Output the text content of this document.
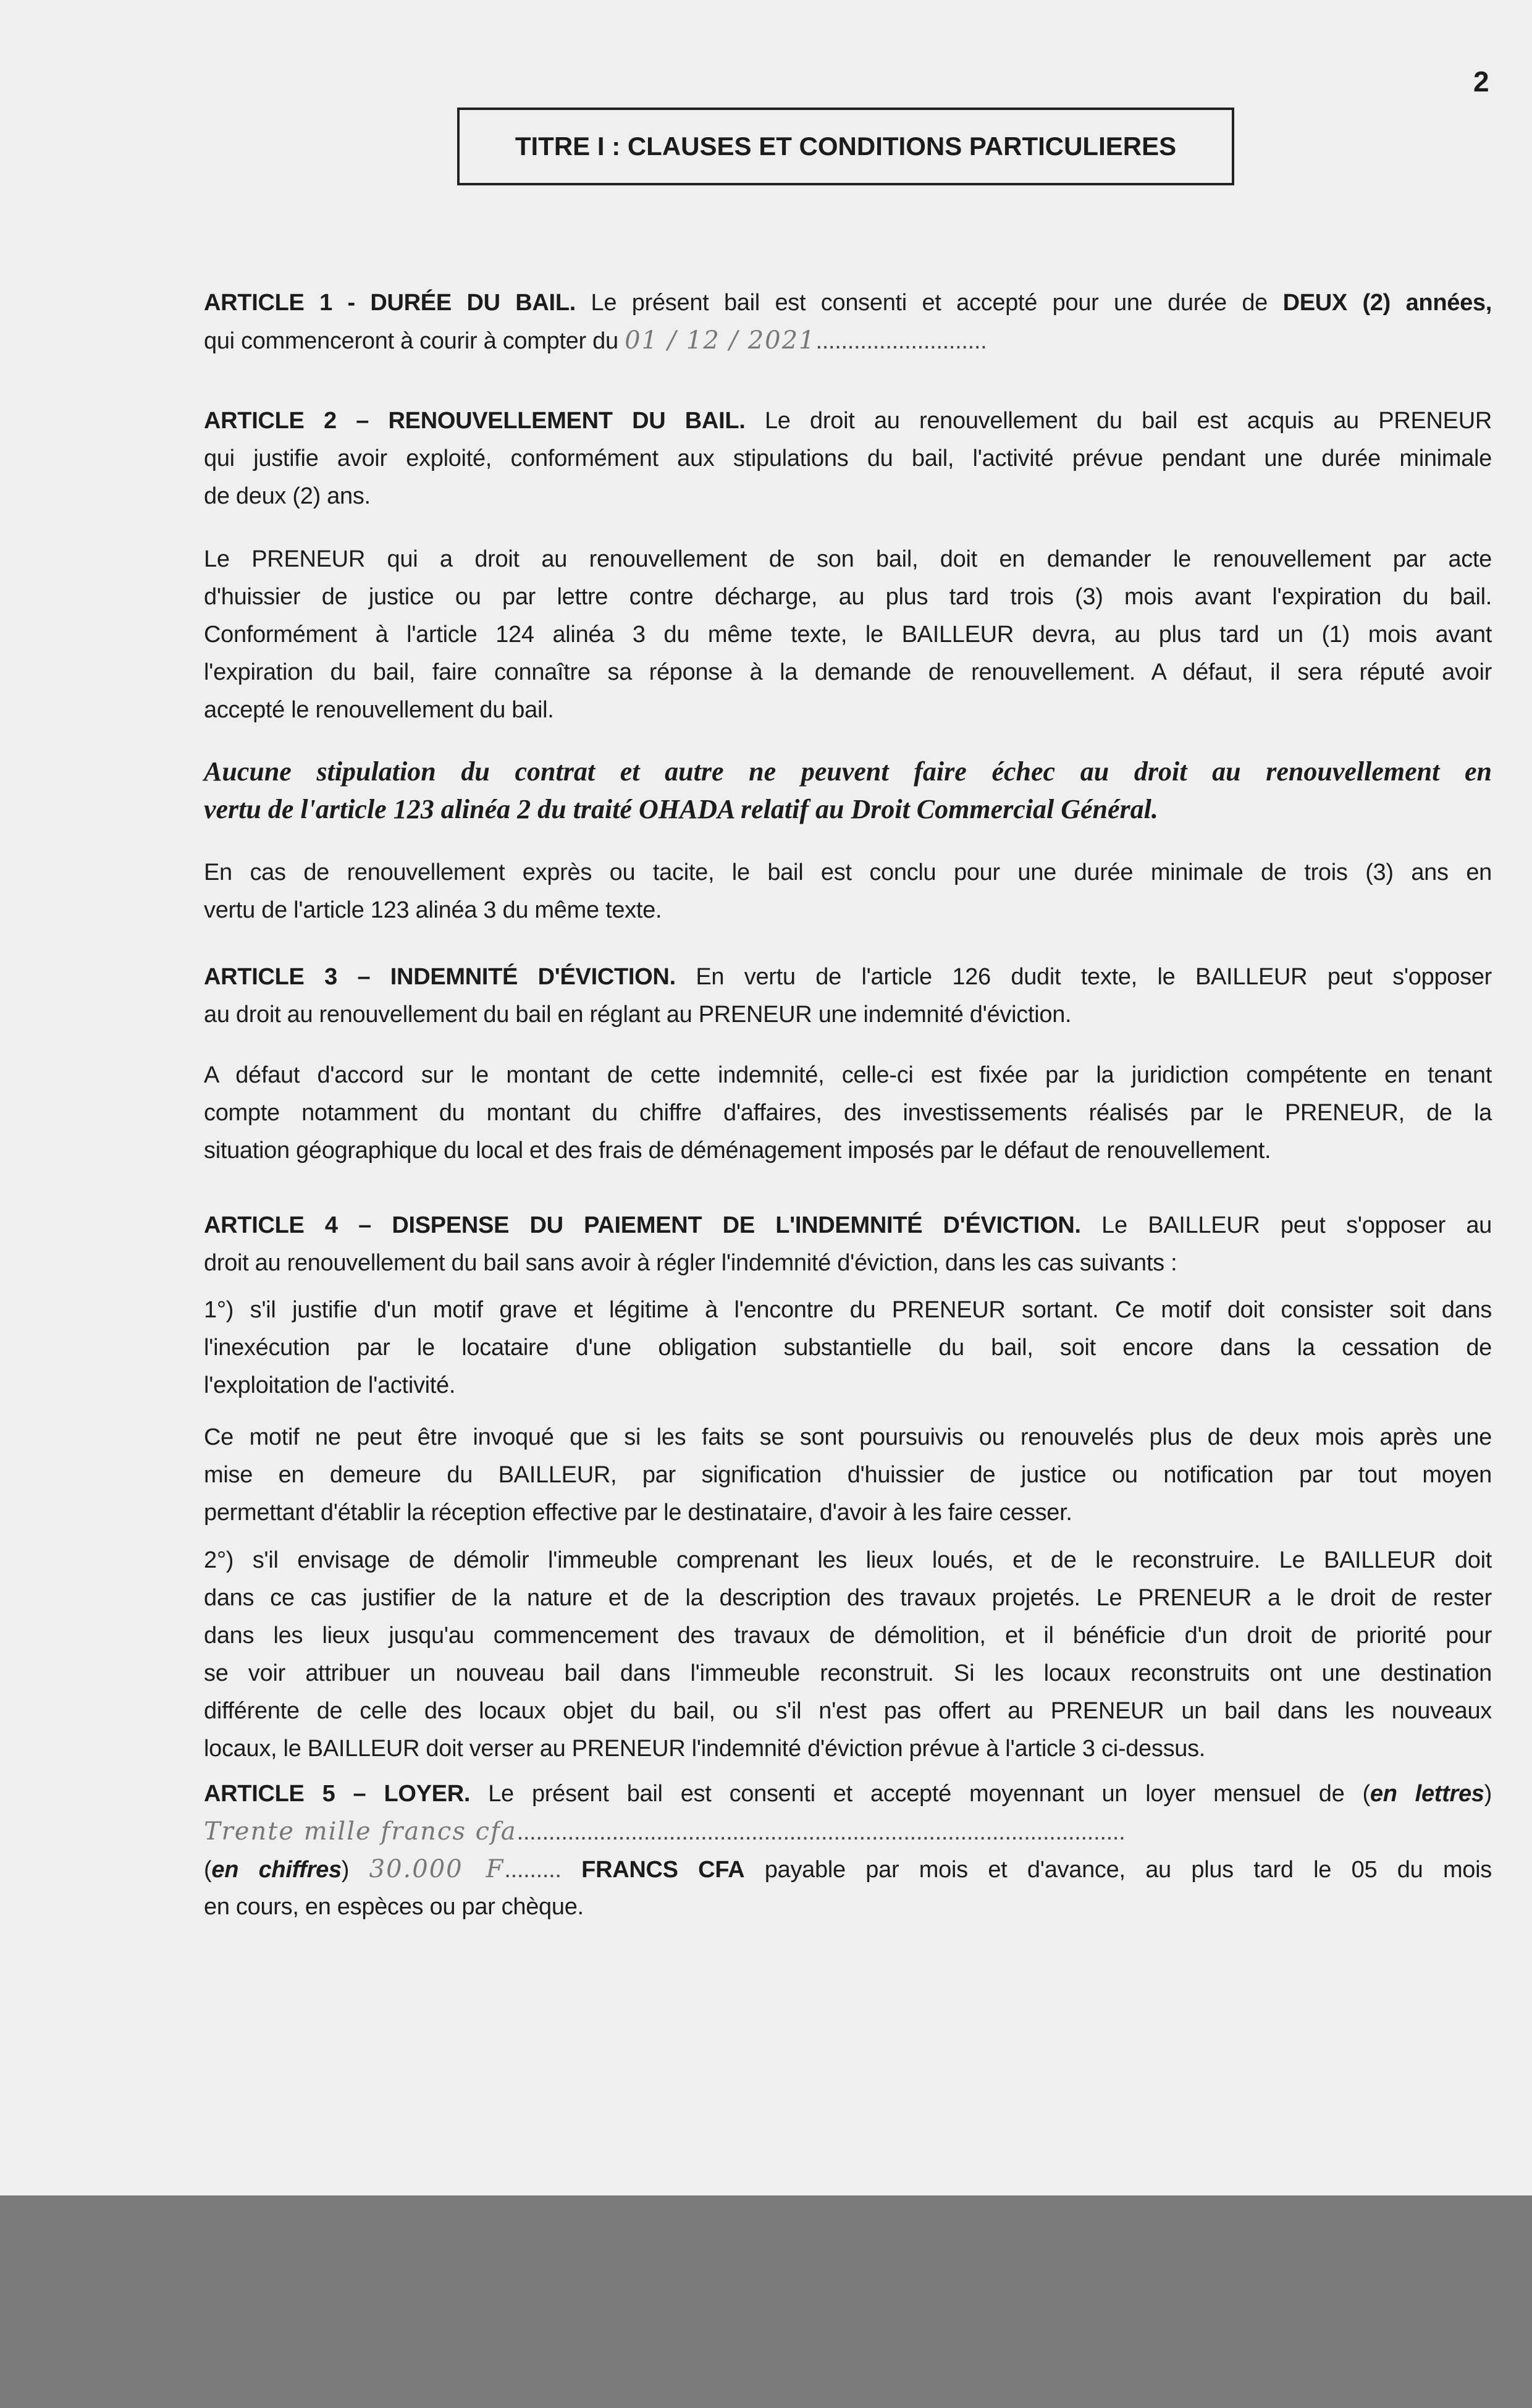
2
TITRE I : CLAUSES ET CONDITIONS PARTICULIERES
ARTICLE 1 - DURÉE DU BAIL. Le présent bail est consenti et accepté pour une durée de DEUX (2) années,
qui commenceront à courir à compter du 01 / 12 / 2021...........................
ARTICLE 2 – RENOUVELLEMENT DU BAIL. Le droit au renouvellement du bail est acquis au PRENEUR
qui justifie avoir exploité, conformément aux stipulations du bail, l'activité prévue pendant une durée minimale
de deux (2) ans.
Le PRENEUR qui a droit au renouvellement de son bail, doit en demander le renouvellement par acte
d'huissier de justice ou par lettre contre décharge, au plus tard trois (3) mois avant l'expiration du bail.
Conformément à l'article 124 alinéa 3 du même texte, le BAILLEUR devra, au plus tard un (1) mois avant
l'expiration du bail, faire connaître sa réponse à la demande de renouvellement. A défaut, il sera réputé avoir
accepté le renouvellement du bail.
Aucune stipulation du contrat et autre ne peuvent faire échec au droit au renouvellement en
vertu de l'article 123 alinéa 2 du traité OHADA relatif au Droit Commercial Général.
En cas de renouvellement exprès ou tacite, le bail est conclu pour une durée minimale de trois (3) ans en
vertu de l'article 123 alinéa 3 du même texte.
ARTICLE 3 – INDEMNITÉ D'ÉVICTION. En vertu de l'article 126 dudit texte, le BAILLEUR peut s'opposer
au droit au renouvellement du bail en réglant au PRENEUR une indemnité d'éviction.
A défaut d'accord sur le montant de cette indemnité, celle-ci est fixée par la juridiction compétente en tenant
compte notamment du montant du chiffre d'affaires, des investissements réalisés par le PRENEUR, de la
situation géographique du local et des frais de déménagement imposés par le défaut de renouvellement.
ARTICLE 4 – DISPENSE DU PAIEMENT DE L'INDEMNITÉ D'ÉVICTION. Le BAILLEUR peut s'opposer au
droit au renouvellement du bail sans avoir à régler l'indemnité d'éviction, dans les cas suivants :
1°) s'il justifie d'un motif grave et légitime à l'encontre du PRENEUR sortant. Ce motif doit consister soit dans
l'inexécution par le locataire d'une obligation substantielle du bail, soit encore dans la cessation de
l'exploitation de l'activité.
Ce motif ne peut être invoqué que si les faits se sont poursuivis ou renouvelés plus de deux mois après une
mise en demeure du BAILLEUR, par signification d'huissier de justice ou notification par tout moyen
permettant d'établir la réception effective par le destinataire, d'avoir à les faire cesser.
2°) s'il envisage de démolir l'immeuble comprenant les lieux loués, et de le reconstruire. Le BAILLEUR doit
dans ce cas justifier de la nature et de la description des travaux projetés. Le PRENEUR a le droit de rester
dans les lieux jusqu'au commencement des travaux de démolition, et il bénéficie d'un droit de priorité pour
se voir attribuer un nouveau bail dans l'immeuble reconstruit. Si les locaux reconstruits ont une destination
différente de celle des locaux objet du bail, ou s'il n'est pas offert au PRENEUR un bail dans les nouveaux
locaux, le BAILLEUR doit verser au PRENEUR l'indemnité d'éviction prévue à l'article 3 ci-dessus.
ARTICLE 5 – LOYER. Le présent bail est consenti et accepté moyennant un loyer mensuel de (en lettres)
Trente mille francs cfa................................................................................................
(en chiffres) 30.000 F......... FRANCS CFA payable par mois et d'avance, au plus tard le 05 du mois
en cours, en espèces ou par chèque.
